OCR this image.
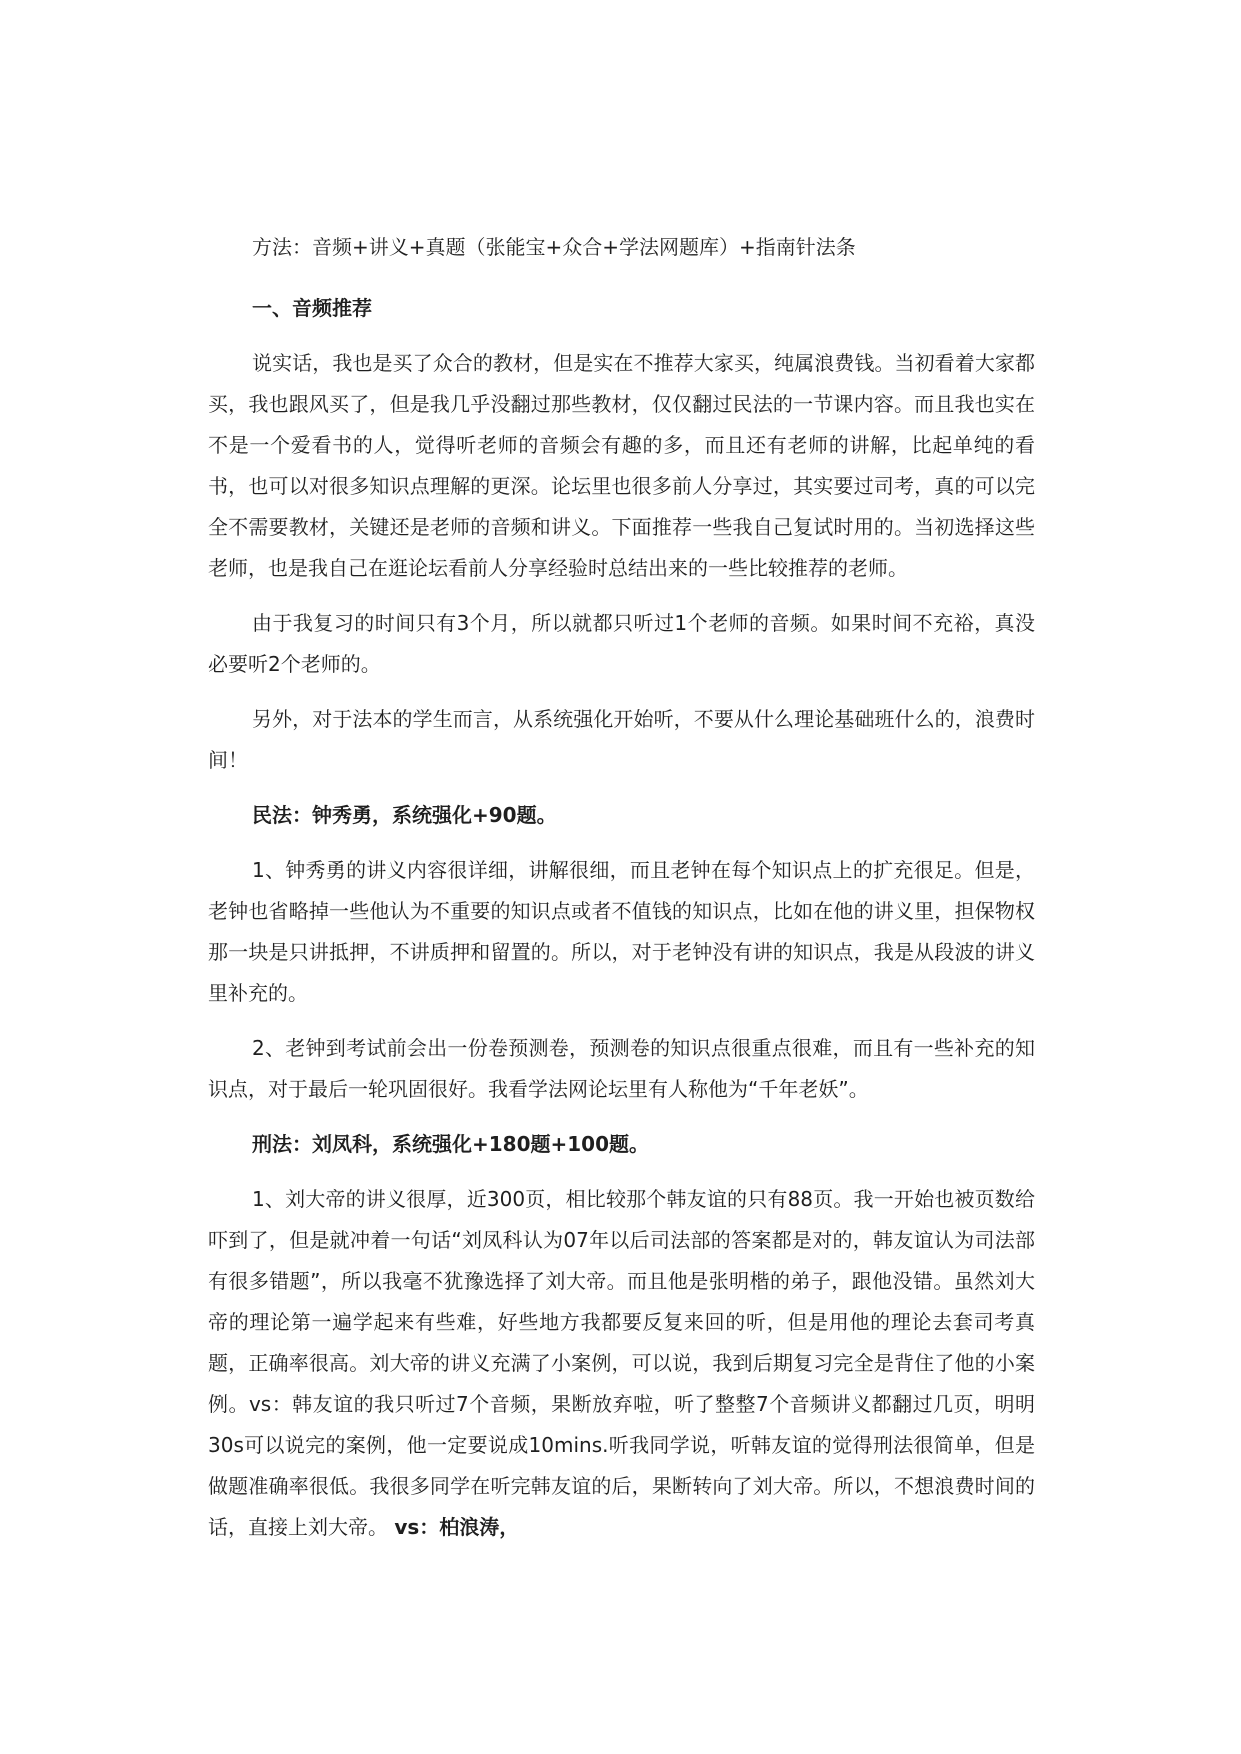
方法：音频+讲义+真题（张能宝+众合+学法网题库）+指南针法条

一、音频推荐

说实话，我也是买了众合的教材，但是实在不推荐大家买，纯属浪费钱。当初看着大家都买，我也跟风买了，但是我几乎没翻过那些教材，仅仅翻过民法的一节课内容。而且我也实在不是一个爱看书的人，觉得听老师的音频会有趣的多，而且还有老师的讲解，比起单纯的看书，也可以对很多知识点理解的更深。论坛里也很多前人分享过，其实要过司考，真的可以完全不需要教材，关键还是老师的音频和讲义。下面推荐一些我自己复试时用的。当初选择这些老师，也是我自己在逛论坛看前人分享经验时总结出来的一些比较推荐的老师。

由于我复习的时间只有3个月，所以就都只听过1个老师的音频。如果时间不充裕，真没必要听2个老师的。

另外，对于法本的学生而言，从系统强化开始听，不要从什么理论基础班什么的，浪费时间！

民法：钟秀勇，系统强化+90题。

1、钟秀勇的讲义内容很详细，讲解很细，而且老钟在每个知识点上的扩充很足。但是，老钟也省略掉一些他认为不重要的知识点或者不值钱的知识点，比如在他的讲义里，担保物权那一块是只讲抵押，不讲质押和留置的。所以，对于老钟没有讲的知识点，我是从段波的讲义里补充的。

2、老钟到考试前会出一份卷预测卷，预测卷的知识点很重点很难，而且有一些补充的知识点，对于最后一轮巩固很好。我看学法网论坛里有人称他为“千年老妖”。

刑法：刘凤科，系统强化+180题+100题。

1、刘大帝的讲义很厚，近300页，相比较那个韩友谊的只有88页。我一开始也被页数给吓到了，但是就冲着一句话“刘凤科认为07年以后司法部的答案都是对的，韩友谊认为司法部有很多错题”，所以我毫不犹豫选择了刘大帝。而且他是张明楷的弟子，跟他没错。虽然刘大帝的理论第一遍学起来有些难，好些地方我都要反复来回的听，但是用他的理论去套司考真题，正确率很高。刘大帝的讲义充满了小案例，可以说，我到后期复习完全是背住了他的小案例。vs：韩友谊的我只听过7个音频，果断放弃啦，听了整整7个音频讲义都翻过几页，明明30s可以说完的案例，他一定要说成10mins.听我同学说，听韩友谊的觉得刑法很简单，但是做题准确率很低。我很多同学在听完韩友谊的后，果断转向了刘大帝。所以，不想浪费时间的话，直接上刘大帝。 vs：柏浪涛，
